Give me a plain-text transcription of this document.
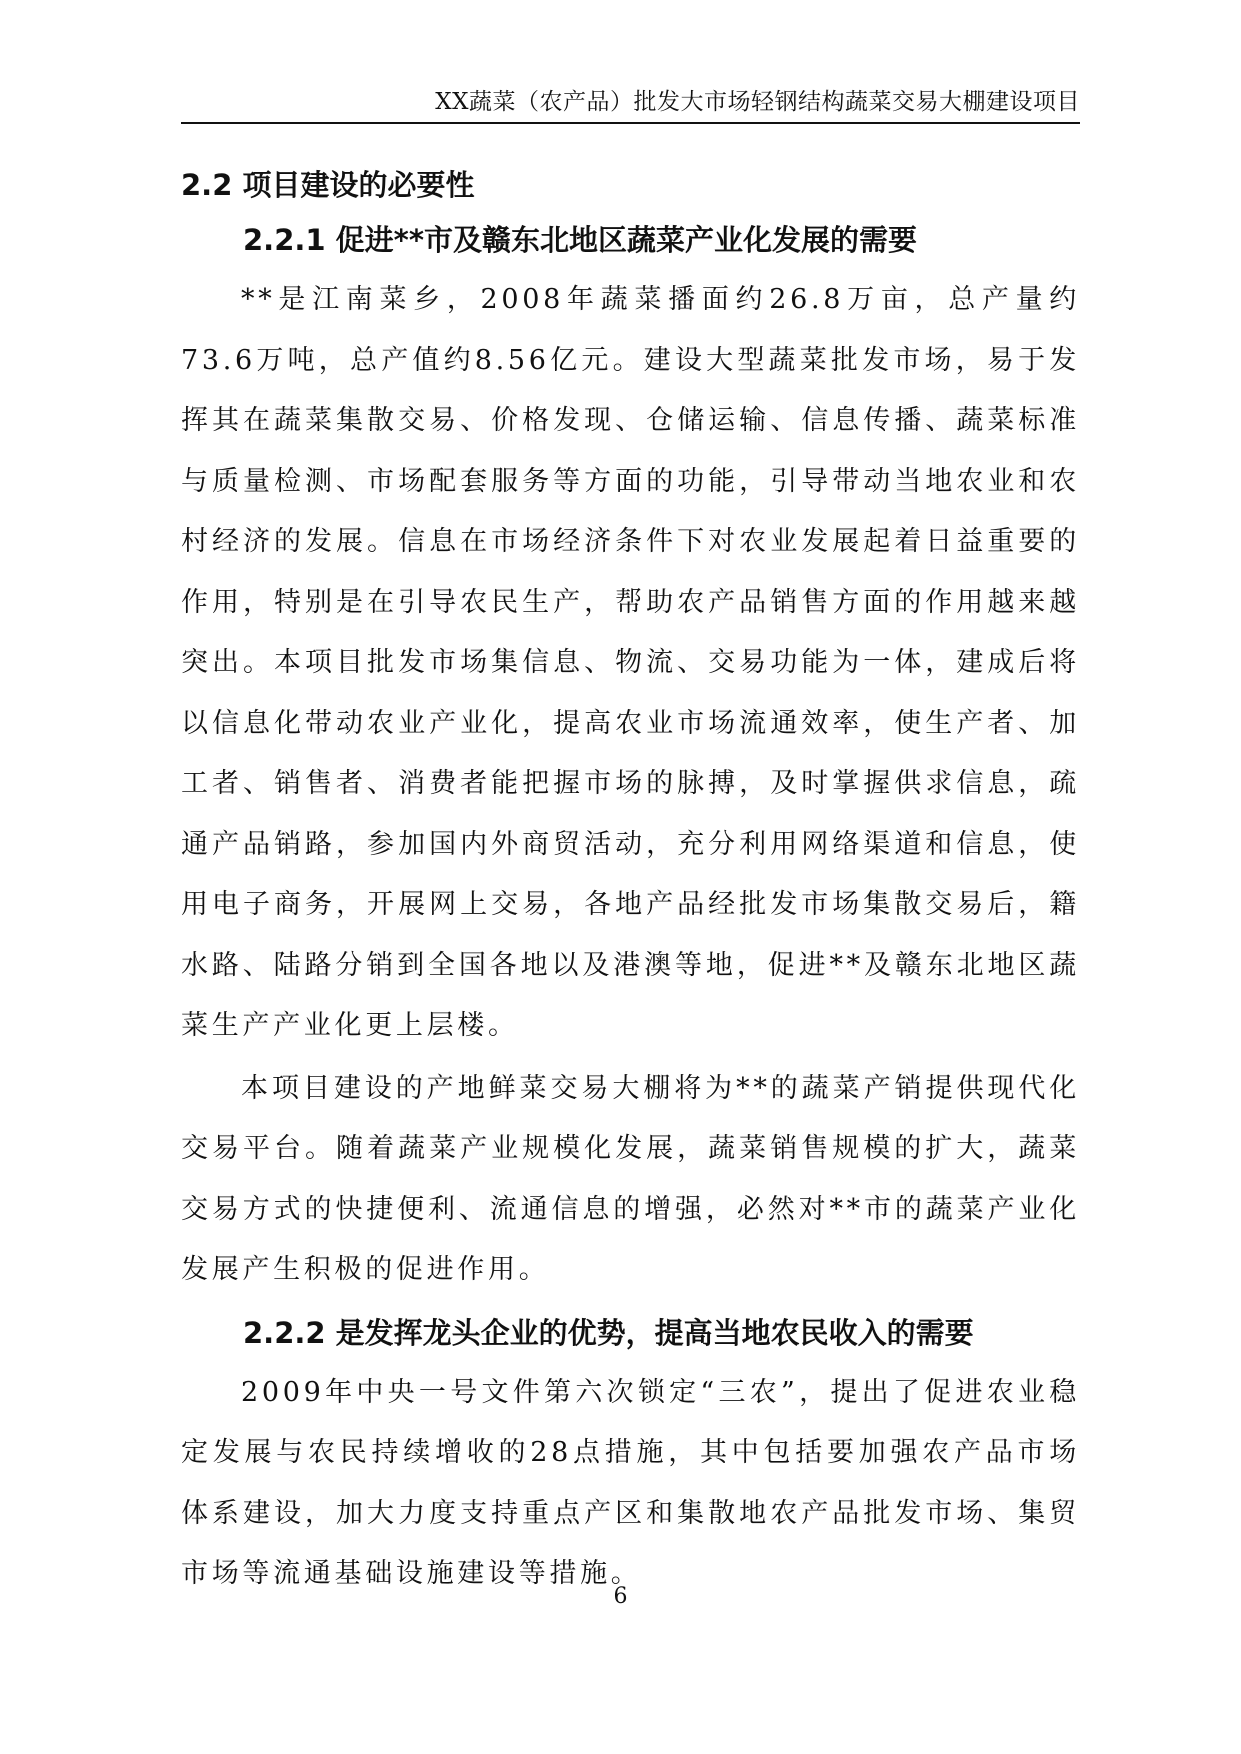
XX蔬菜（农产品）批发大市场轻钢结构蔬菜交易大棚建设项目
2.2 项目建设的必要性
2.2.1 促进**市及赣东北地区蔬菜产业化发展的需要

**是江南菜乡，2008年蔬菜播面约26.8万亩，总产量约73.6万吨，总产值约8.56亿元。建设大型蔬菜批发市场，易于发挥其在蔬菜集散交易、价格发现、仓储运输、信息传播、蔬菜标准与质量检测、市场配套服务等方面的功能，引导带动当地农业和农村经济的发展。信息在市场经济条件下对农业发展起着日益重要的作用，特别是在引导农民生产，帮助农产品销售方面的作用越来越突出。本项目批发市场集信息、物流、交易功能为一体，建成后将以信息化带动农业产业化，提高农业市场流通效率，使生产者、加工者、销售者、消费者能把握市场的脉搏，及时掌握供求信息，疏通产品销路，参加国内外商贸活动，充分利用网络渠道和信息，使用电子商务，开展网上交易，各地产品经批发市场集散交易后，籍水路、陆路分销到全国各地以及港澳等地，促进**及赣东北地区蔬菜生产产业化更上层楼。

本项目建设的产地鲜菜交易大棚将为**的蔬菜产销提供现代化交易平台。随着蔬菜产业规模化发展，蔬菜销售规模的扩大，蔬菜交易方式的快捷便利、流通信息的增强，必然对**市的蔬菜产业化发展产生积极的促进作用。

2.2.2 是发挥龙头企业的优势，提高当地农民收入的需要

2009年中央一号文件第六次锁定“三农”，提出了促进农业稳定发展与农民持续增收的28点措施，其中包括要加强农产品市场体系建设，加大力度支持重点产区和集散地农产品批发市场、集贸市场等流通基础设施建设等措施。

6
